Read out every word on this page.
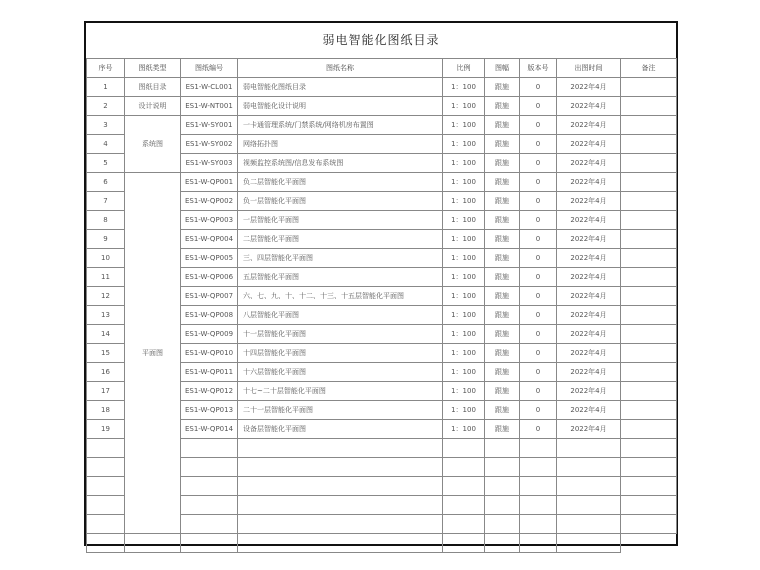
弱电智能化图纸目录
序号	图纸类型	图纸编号	图纸名称	比例	图幅	版本号	出图时间	备注
1	图纸目录	ES1-W-CL001	弱电智能化图纸目录	1：100	跟施	0	2022年4月	
2	设计说明	ES1-W-NT001	弱电智能化设计说明	1：100	跟施	0	2022年4月	
3	系统图	ES1-W-SY001	一卡通管理系统/门禁系统/网络机房布置图	1：100	跟施	0	2022年4月	
4		ES1-W-SY002	网络拓扑图	1：100	跟施	0	2022年4月	
5		ES1-W-SY003	视频监控系统图/信息发布系统图	1：100	跟施	0	2022年4月	
6	平面图	ES1-W-QP001	负二层智能化平面图	1：100	跟施	0	2022年4月	
7		ES1-W-QP002	负一层智能化平面图	1：100	跟施	0	2022年4月	
8		ES1-W-QP003	一层智能化平面图	1：100	跟施	0	2022年4月	
9		ES1-W-QP004	二层智能化平面图	1：100	跟施	0	2022年4月	
10		ES1-W-QP005	三、四层智能化平面图	1：100	跟施	0	2022年4月	
11		ES1-W-QP006	五层智能化平面图	1：100	跟施	0	2022年4月	
12		ES1-W-QP007	六、七、九、十、十二、十三、十五层智能化平面图	1：100	跟施	0	2022年4月	
13		ES1-W-QP008	八层智能化平面图	1：100	跟施	0	2022年4月	
14		ES1-W-QP009	十一层智能化平面图	1：100	跟施	0	2022年4月	
15		ES1-W-QP010	十四层智能化平面图	1：100	跟施	0	2022年4月	
16		ES1-W-QP011	十六层智能化平面图	1：100	跟施	0	2022年4月	
17		ES1-W-QP012	十七~二十层智能化平面图	1：100	跟施	0	2022年4月	
18		ES1-W-QP013	二十一层智能化平面图	1：100	跟施	0	2022年4月	
19		ES1-W-QP014	设备层智能化平面图	1：100	跟施	0	2022年4月	
